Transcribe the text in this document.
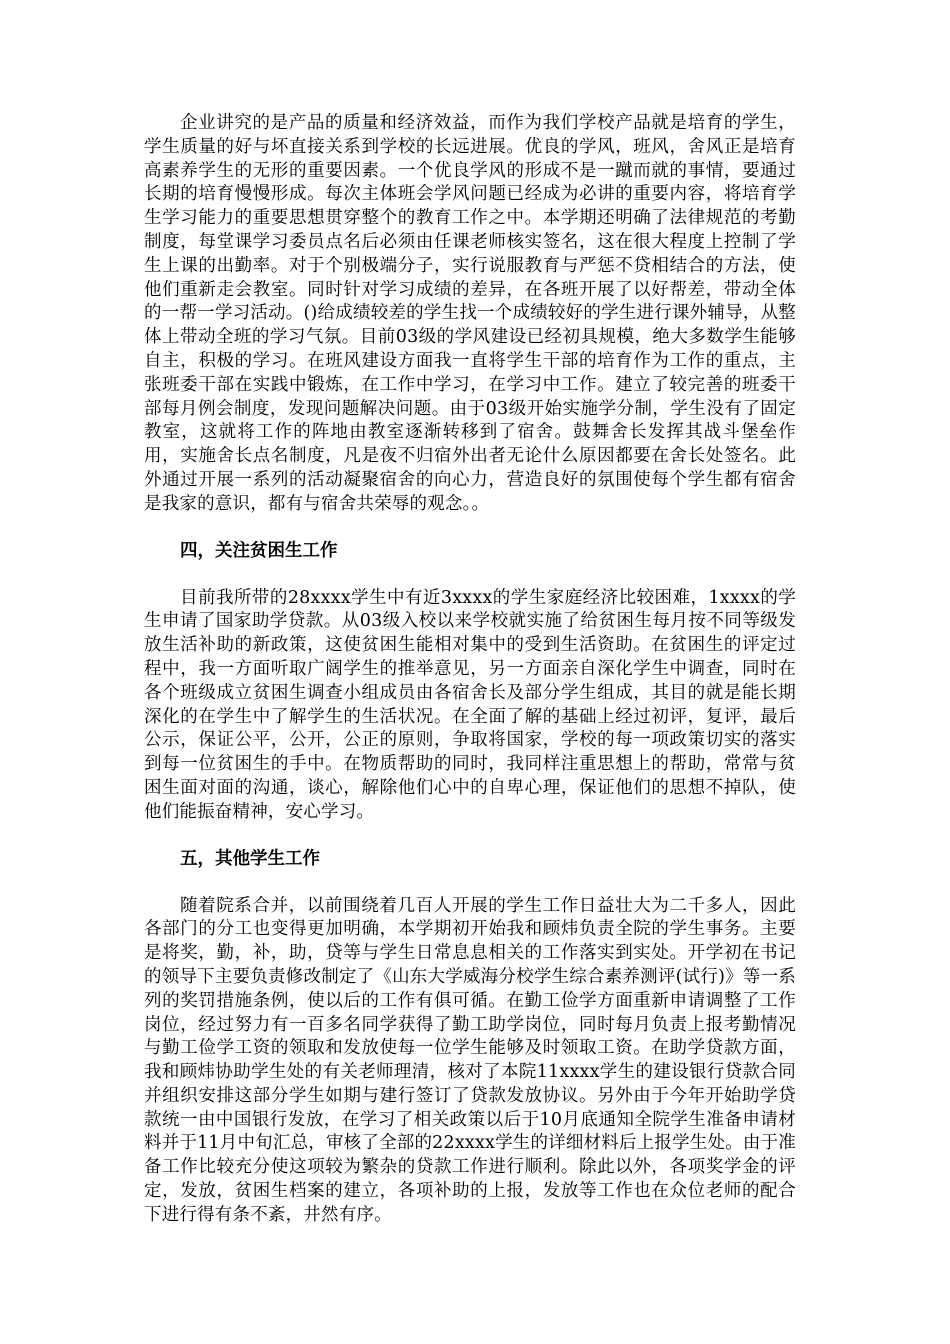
企业讲究的是产品的质量和经济效益，而作为我们学校产品就是培育的学生，学生质量的好与坏直接关系到学校的长远进展。优良的学风，班风，舍风正是培育高素养学生的无形的重要因素。一个优良学风的形成不是一蹴而就的事情，要通过长期的培育慢慢形成。每次主体班会学风问题已经成为必讲的重要内容，将培育学生学习能力的重要思想贯穿整个的教育工作之中。本学期还明确了法律规范的考勤制度，每堂课学习委员点名后必须由任课老师核实签名，这在很大程度上控制了学生上课的出勤率。对于个别极端分子，实行说服教育与严惩不贷相结合的方法，使他们重新走会教室。同时针对学习成绩的差异，在各班开展了以好帮差，带动全体的一帮一学习活动。()给成绩较差的学生找一个成绩较好的学生进行课外辅导，从整体上带动全班的学习气氛。目前03级的学风建设已经初具规模，绝大多数学生能够自主，积极的学习。在班风建设方面我一直将学生干部的培育作为工作的重点，主张班委干部在实践中锻炼，在工作中学习，在学习中工作。建立了较完善的班委干部每月例会制度，发现问题解决问题。由于03级开始实施学分制，学生没有了固定教室，这就将工作的阵地由教室逐渐转移到了宿舍。鼓舞舍长发挥其战斗堡垒作用，实施舍长点名制度，凡是夜不归宿外出者无论什么原因都要在舍长处签名。此外通过开展一系列的活动凝聚宿舍的向心力，营造良好的氛围使每个学生都有宿舍是我家的意识，都有与宿舍共荣辱的观念。。

四，关注贫困生工作

目前我所带的28xxxx学生中有近3xxxx的学生家庭经济比较困难，1xxxx的学生申请了国家助学贷款。从03级入校以来学校就实施了给贫困生每月按不同等级发放生活补助的新政策，这使贫困生能相对集中的受到生活资助。在贫困生的评定过程中，我一方面听取广阔学生的推举意见，另一方面亲自深化学生中调查，同时在各个班级成立贫困生调查小组成员由各宿舍长及部分学生组成，其目的就是能长期深化的在学生中了解学生的生活状况。在全面了解的基础上经过初评，复评，最后公示，保证公平，公开，公正的原则，争取将国家，学校的每一项政策切实的落实到每一位贫困生的手中。在物质帮助的同时，我同样注重思想上的帮助，常常与贫困生面对面的沟通，谈心，解除他们心中的自卑心理，保证他们的思想不掉队，使他们能振奋精神，安心学习。

五，其他学生工作

随着院系合并，以前围绕着几百人开展的学生工作日益壮大为二千多人，因此各部门的分工也变得更加明确，本学期初开始我和顾炜负责全院的学生事务。主要是将奖，勤，补，助，贷等与学生日常息息相关的工作落实到实处。开学初在书记的领导下主要负责修改制定了《山东大学威海分校学生综合素养测评(试行)》等一系列的奖罚措施条例，使以后的工作有俱可循。在勤工俭学方面重新申请调整了工作岗位，经过努力有一百多名同学获得了勤工助学岗位，同时每月负责上报考勤情况与勤工俭学工资的领取和发放使每一位学生能够及时领取工资。在助学贷款方面，我和顾炜协助学生处的有关老师理清，核对了本院11xxxx学生的建设银行贷款合同并组织安排这部分学生如期与建行签订了贷款发放协议。另外由于今年开始助学贷款统一由中国银行发放，在学习了相关政策以后于10月底通知全院学生准备申请材料并于11月中旬汇总，审核了全部的22xxxx学生的详细材料后上报学生处。由于准备工作比较充分使这项较为繁杂的贷款工作进行顺利。除此以外，各项奖学金的评定，发放，贫困生档案的建立，各项补助的上报，发放等工作也在众位老师的配合下进行得有条不紊，井然有序。
